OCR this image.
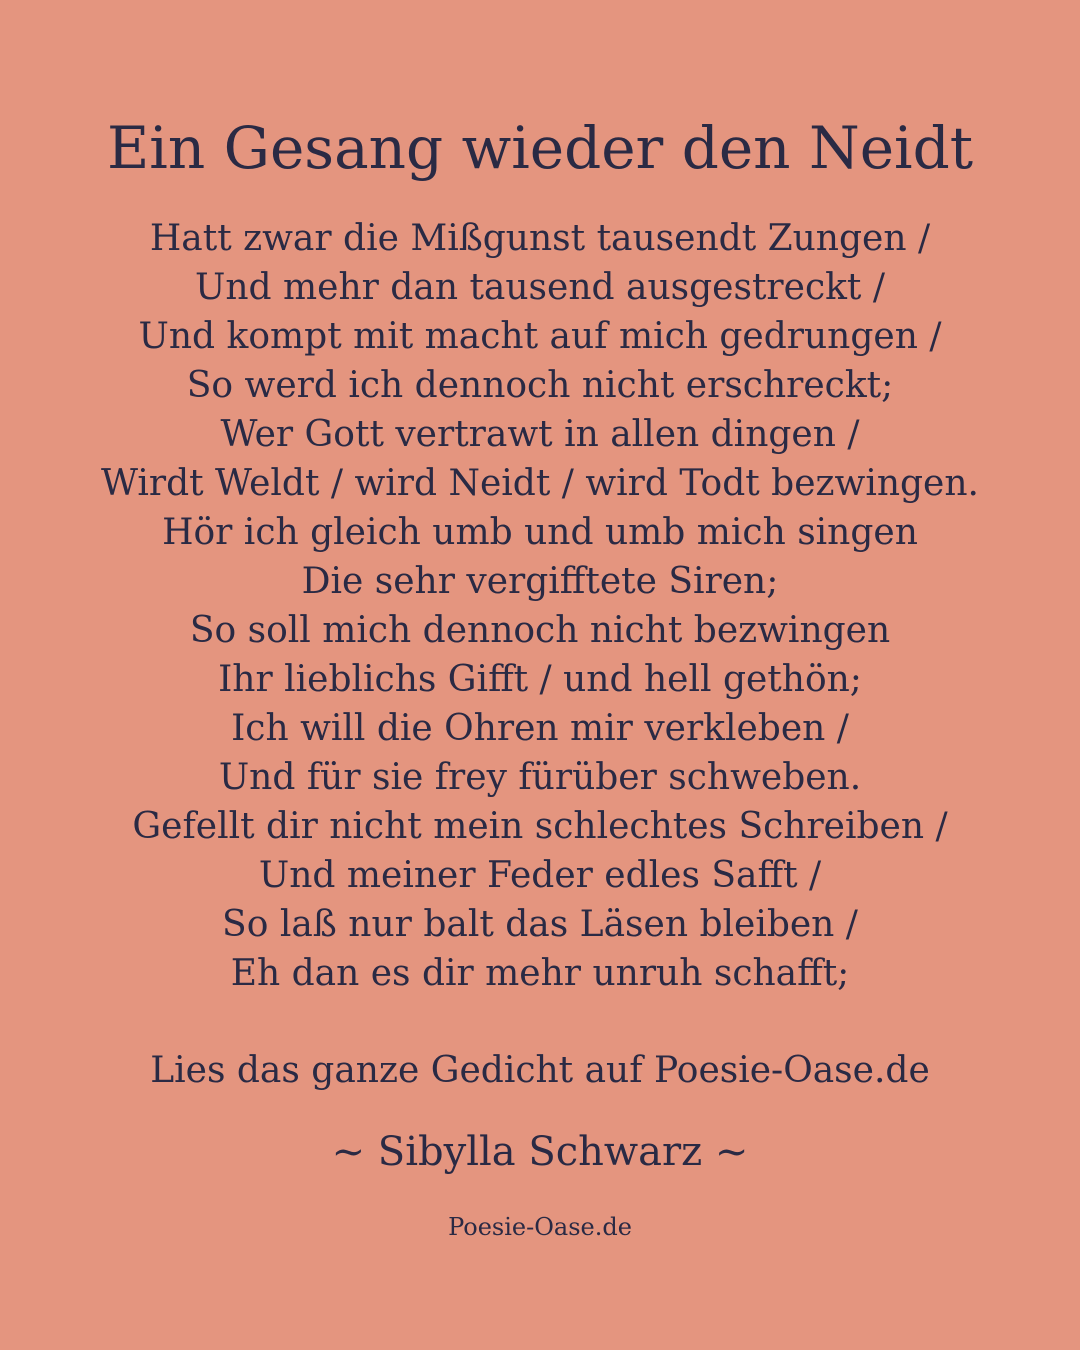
Ein Gesang wieder den Neidt
Hatt zwar die Mißgunst tausendt Zungen /
Und mehr dan tausend ausgestreckt /
Und kompt mit macht auf mich gedrungen /
So werd ich dennoch nicht erschreckt;
Wer Gott vertrawt in allen dingen /
Wirdt Weldt / wird Neidt / wird Todt bezwingen.
Hör ich gleich umb und umb mich singen
Die sehr vergifftete Siren;
So soll mich dennoch nicht bezwingen
Ihr lieblichs Gifft / und hell gethön;
Ich will die Ohren mir verkleben /
Und für sie frey fürüber schweben.
Gefellt dir nicht mein schlechtes Schreiben /
Und meiner Feder edles Safft /
So laß nur balt das Läsen bleiben /
Eh dan es dir mehr unruh schafft;
Lies das ganze Gedicht auf Poesie-Oase.de
~ Sibylla Schwarz ~
Poesie-Oase.de
